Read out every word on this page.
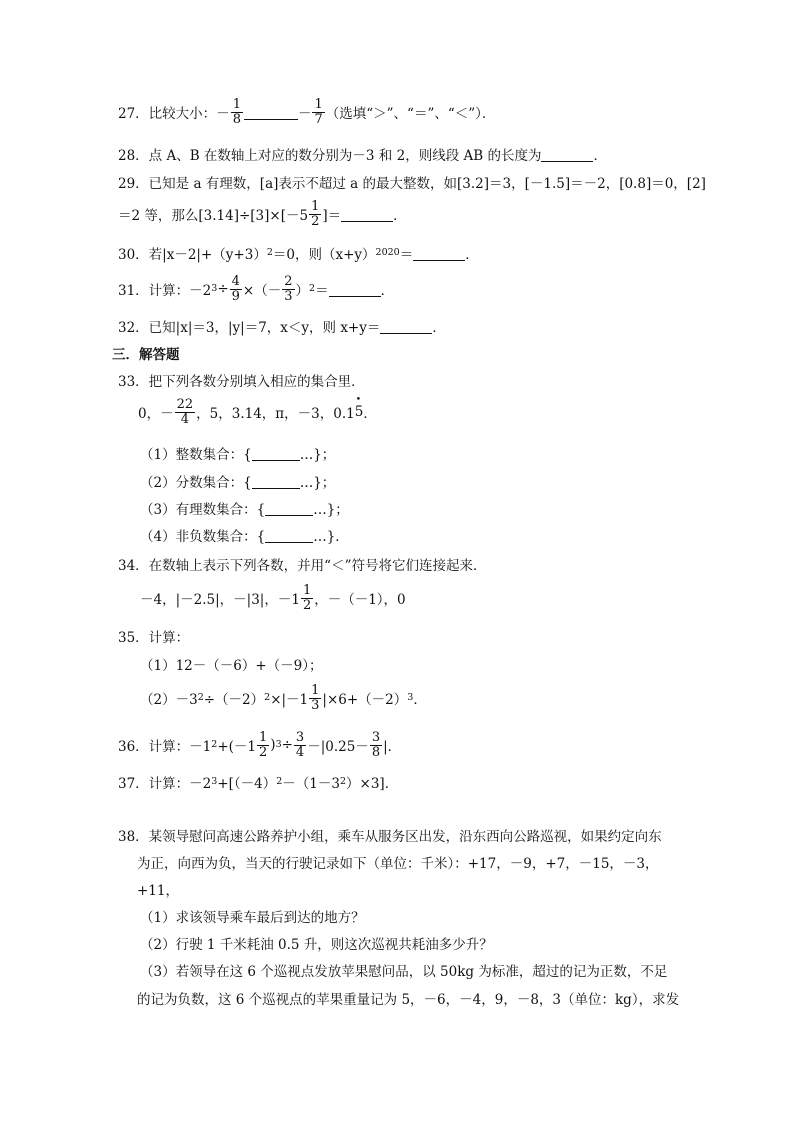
27．比较大小： － $\frac{1}{8}$	－ $\frac{1}{7}$ （选填“＞”、“＝”、“＜”）．
28．点 A、B 在数轴上对应的数分别为－3 和 2，则线段 AB 的长度为	．
29．已知是 a 有理数，[a]表示不超过 a 的最大整数，如[3.2]＝3，[－1.5]＝－2，[0.8]＝0，[2]
＝2 等，那么$[3.14]\div[3]\times[-5 \frac{1}{2}$ ]＝	．
30．若|x－2|+（y+3） 2 ＝0，则（x+y） 2020 ＝	．
31．计算：－2 $3 \div \frac{4}{9}$ ×（－ $\frac{2}{3}$ ） 2 ＝	．
32．已知|x|＝3，|y|＝7，x＜y，则 x+y＝	．
三．解答题
33．把下列各数分别填入相应的集合里．
0，－ $\frac{22}{4}$ ，5，3.14，π，－3，0.1
• 5 ．
（1）整数集合：{	…}；
（2）分数集合：{	…}；
（3）有理数集合：{	…}；
（4）非负数集合：{	…}．
34．在数轴上表示下列各数，并用“＜”符号将它们连接起来．
－4，|－2.5|，－|3|，$-1 \frac{1}{2}$ ，－（－1），0
35．计算：
（1）12－（－6）+（－9）；
（2）－3 2 ÷（－2） $2 \times|-1 \frac{1}{3} |\times 6+(-2)$ 3 ．
36．计算：－1 $2 +(-1 \frac{1}{2}$ ) $3 \div \frac{3}{4} -|0.25- \frac{3}{8}$ |．
37．计算：－2 3 +[（－4） 2 －（1－3 2 ）×3]．
38．某领导慰问高速公路养护小组，乘车从服务区出发，沿东西向公路巡视，如果约定向东
为正，向西为负，当天的行驶记录如下（单位：千米）：+17，－9，+7，－15，－3，
+11，
（1）求该领导乘车最后到达的地方？
（2）行驶 1 千米耗油 0.5 升，则这次巡视共耗油多少升？
（3）若领导在这 6 个巡视点发放苹果慰问品，以 50kg 为标准，超过的记为正数，不足
的记为负数，这 6 个巡视点的苹果重量记为 5，－6，－4，9，－8，3（单位：kg），求发
